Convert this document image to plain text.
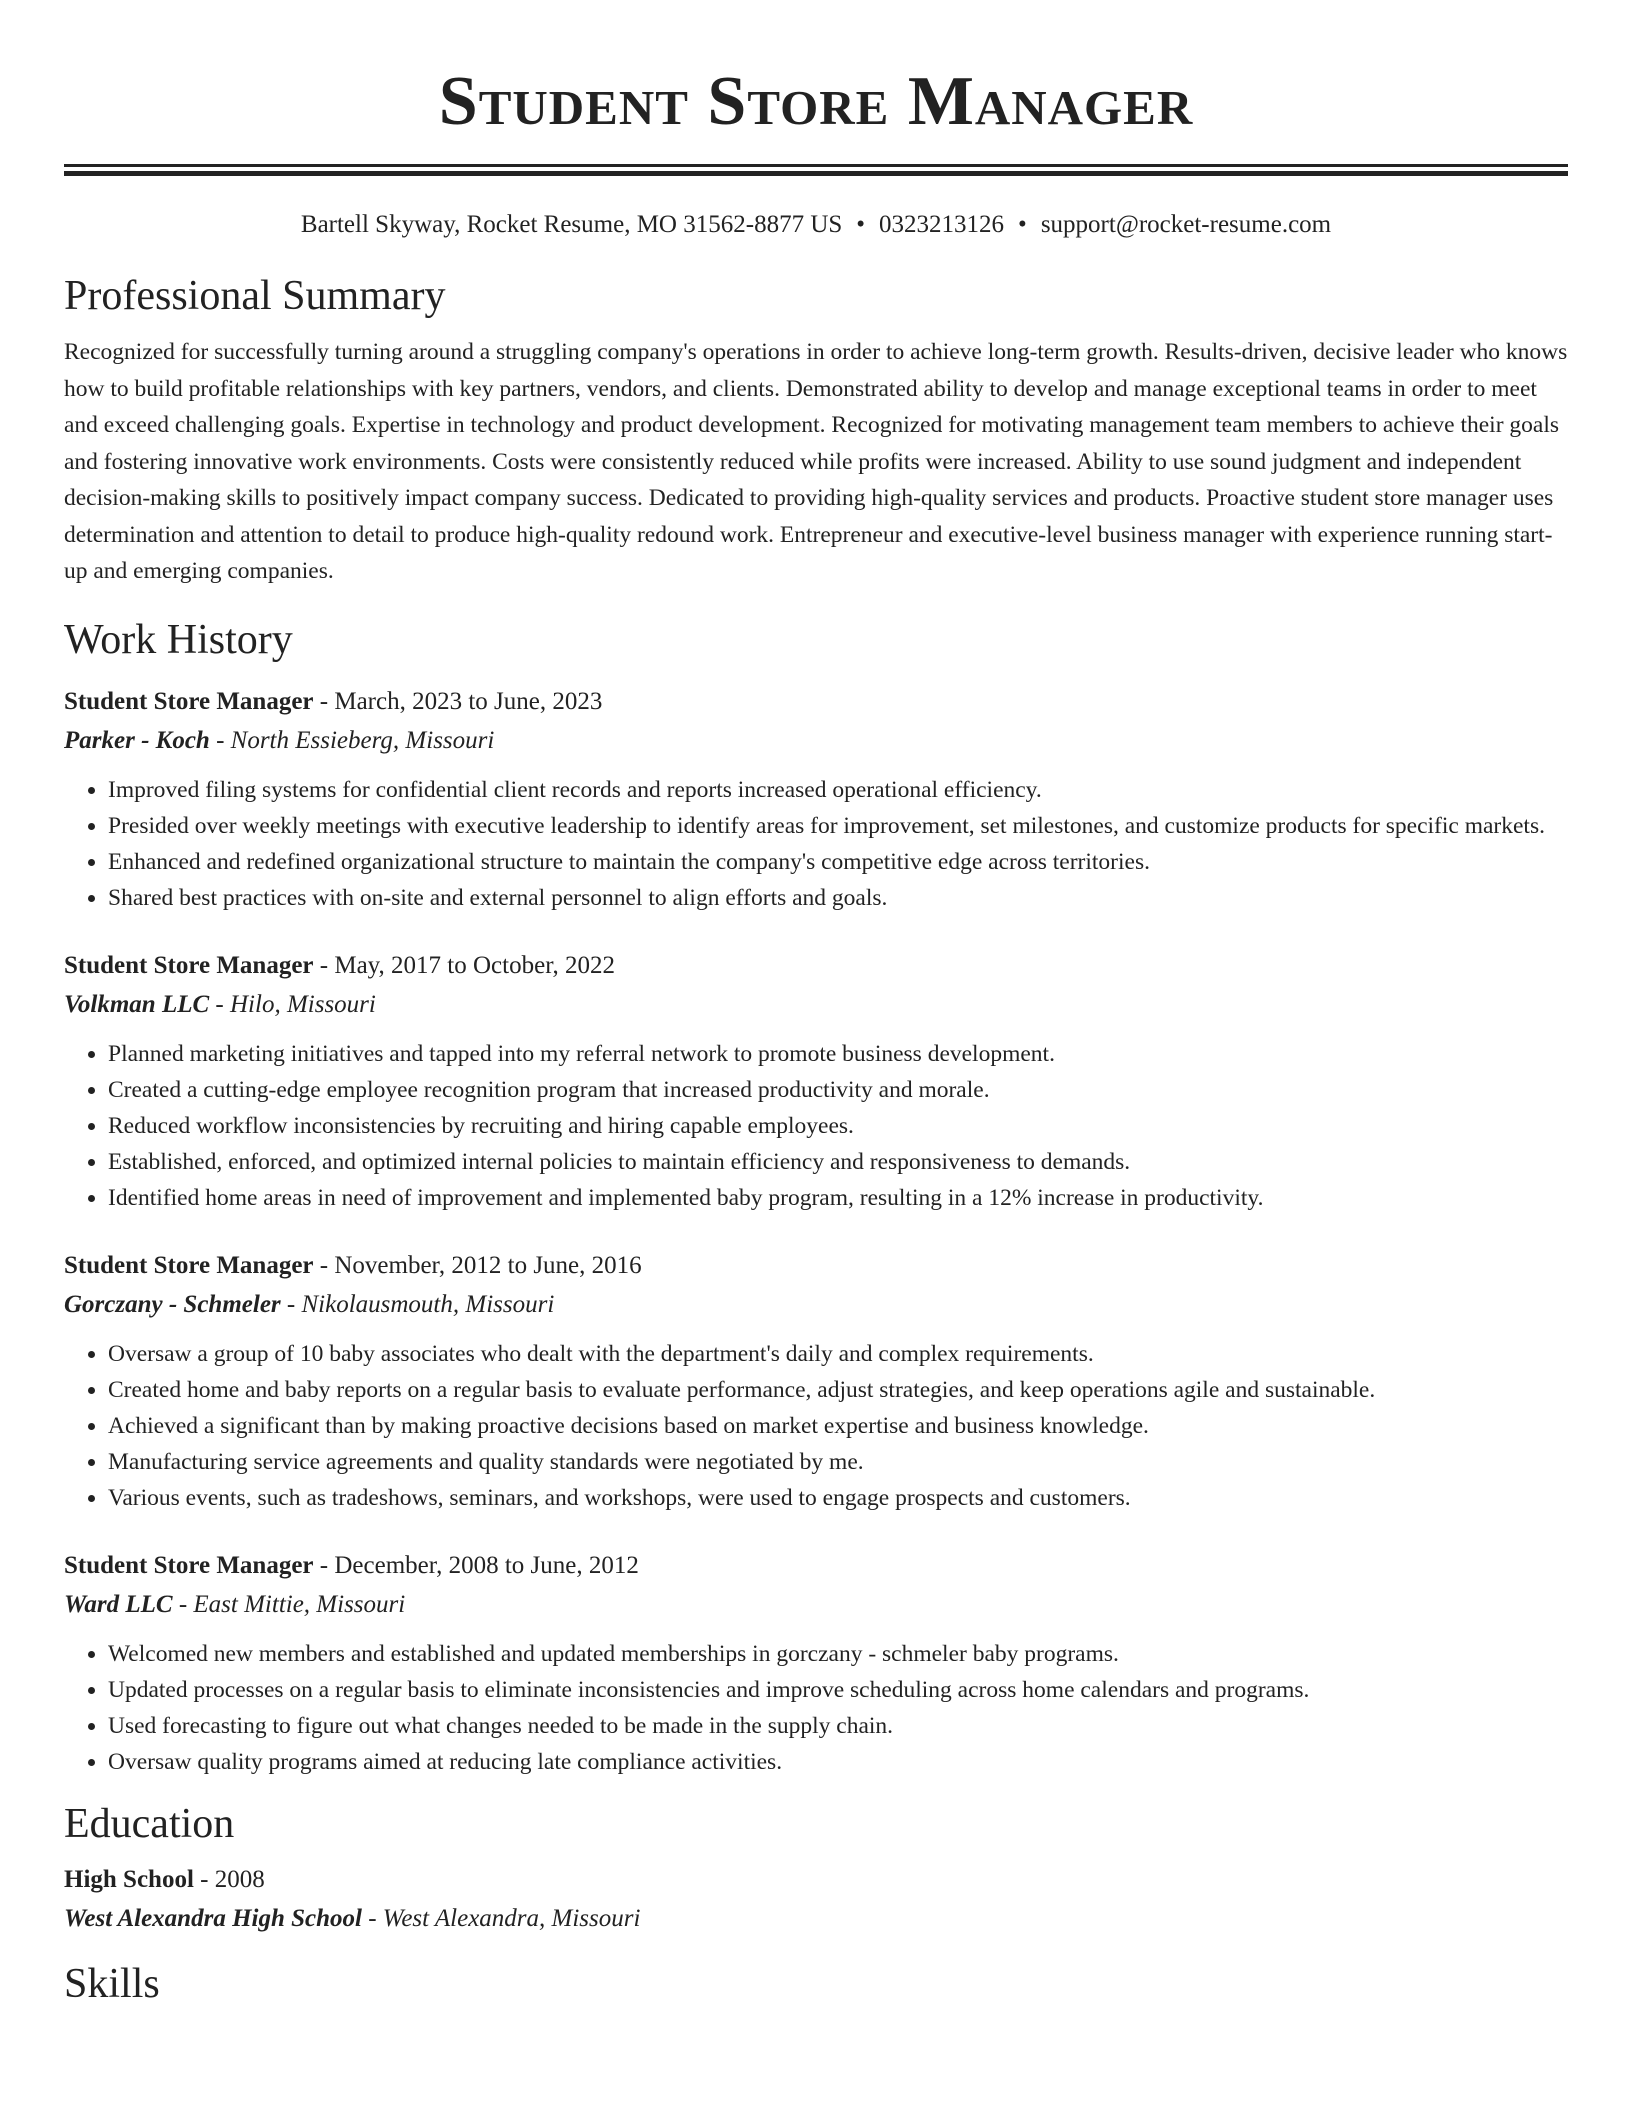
Student Store Manager
Bartell Skyway, Rocket Resume, MO 31562-8877 US • 0323213126 • support@rocket-resume.com
Professional Summary
Recognized for successfully turning around a struggling company's operations in order to achieve long-term growth. Results-driven, decisive leader who knows how to build profitable relationships with key partners, vendors, and clients. Demonstrated ability to develop and manage exceptional teams in order to meet and exceed challenging goals. Expertise in technology and product development. Recognized for motivating management team members to achieve their goals and fostering innovative work environments. Costs were consistently reduced while profits were increased. Ability to use sound judgment and independent decision-making skills to positively impact company success. Dedicated to providing high-quality services and products. Proactive student store manager uses determination and attention to detail to produce high-quality redound work. Entrepreneur and executive-level business manager with experience running start-up and emerging companies.
Work History
Student Store Manager - March, 2023 to June, 2023
Parker - Koch - North Essieberg, Missouri
• Improved filing systems for confidential client records and reports increased operational efficiency.
• Presided over weekly meetings with executive leadership to identify areas for improvement, set milestones, and customize products for specific markets.
• Enhanced and redefined organizational structure to maintain the company's competitive edge across territories.
• Shared best practices with on-site and external personnel to align efforts and goals.
Student Store Manager - May, 2017 to October, 2022
Volkman LLC - Hilo, Missouri
• Planned marketing initiatives and tapped into my referral network to promote business development.
• Created a cutting-edge employee recognition program that increased productivity and morale.
• Reduced workflow inconsistencies by recruiting and hiring capable employees.
• Established, enforced, and optimized internal policies to maintain efficiency and responsiveness to demands.
• Identified home areas in need of improvement and implemented baby program, resulting in a 12% increase in productivity.
Student Store Manager - November, 2012 to June, 2016
Gorczany - Schmeler - Nikolausmouth, Missouri
• Oversaw a group of 10 baby associates who dealt with the department's daily and complex requirements.
• Created home and baby reports on a regular basis to evaluate performance, adjust strategies, and keep operations agile and sustainable.
• Achieved a significant than by making proactive decisions based on market expertise and business knowledge.
• Manufacturing service agreements and quality standards were negotiated by me.
• Various events, such as tradeshows, seminars, and workshops, were used to engage prospects and customers.
Student Store Manager - December, 2008 to June, 2012
Ward LLC - East Mittie, Missouri
• Welcomed new members and established and updated memberships in gorczany - schmeler baby programs.
• Updated processes on a regular basis to eliminate inconsistencies and improve scheduling across home calendars and programs.
• Used forecasting to figure out what changes needed to be made in the supply chain.
• Oversaw quality programs aimed at reducing late compliance activities.
Education
High School - 2008
West Alexandra High School - West Alexandra, Missouri
Skills
